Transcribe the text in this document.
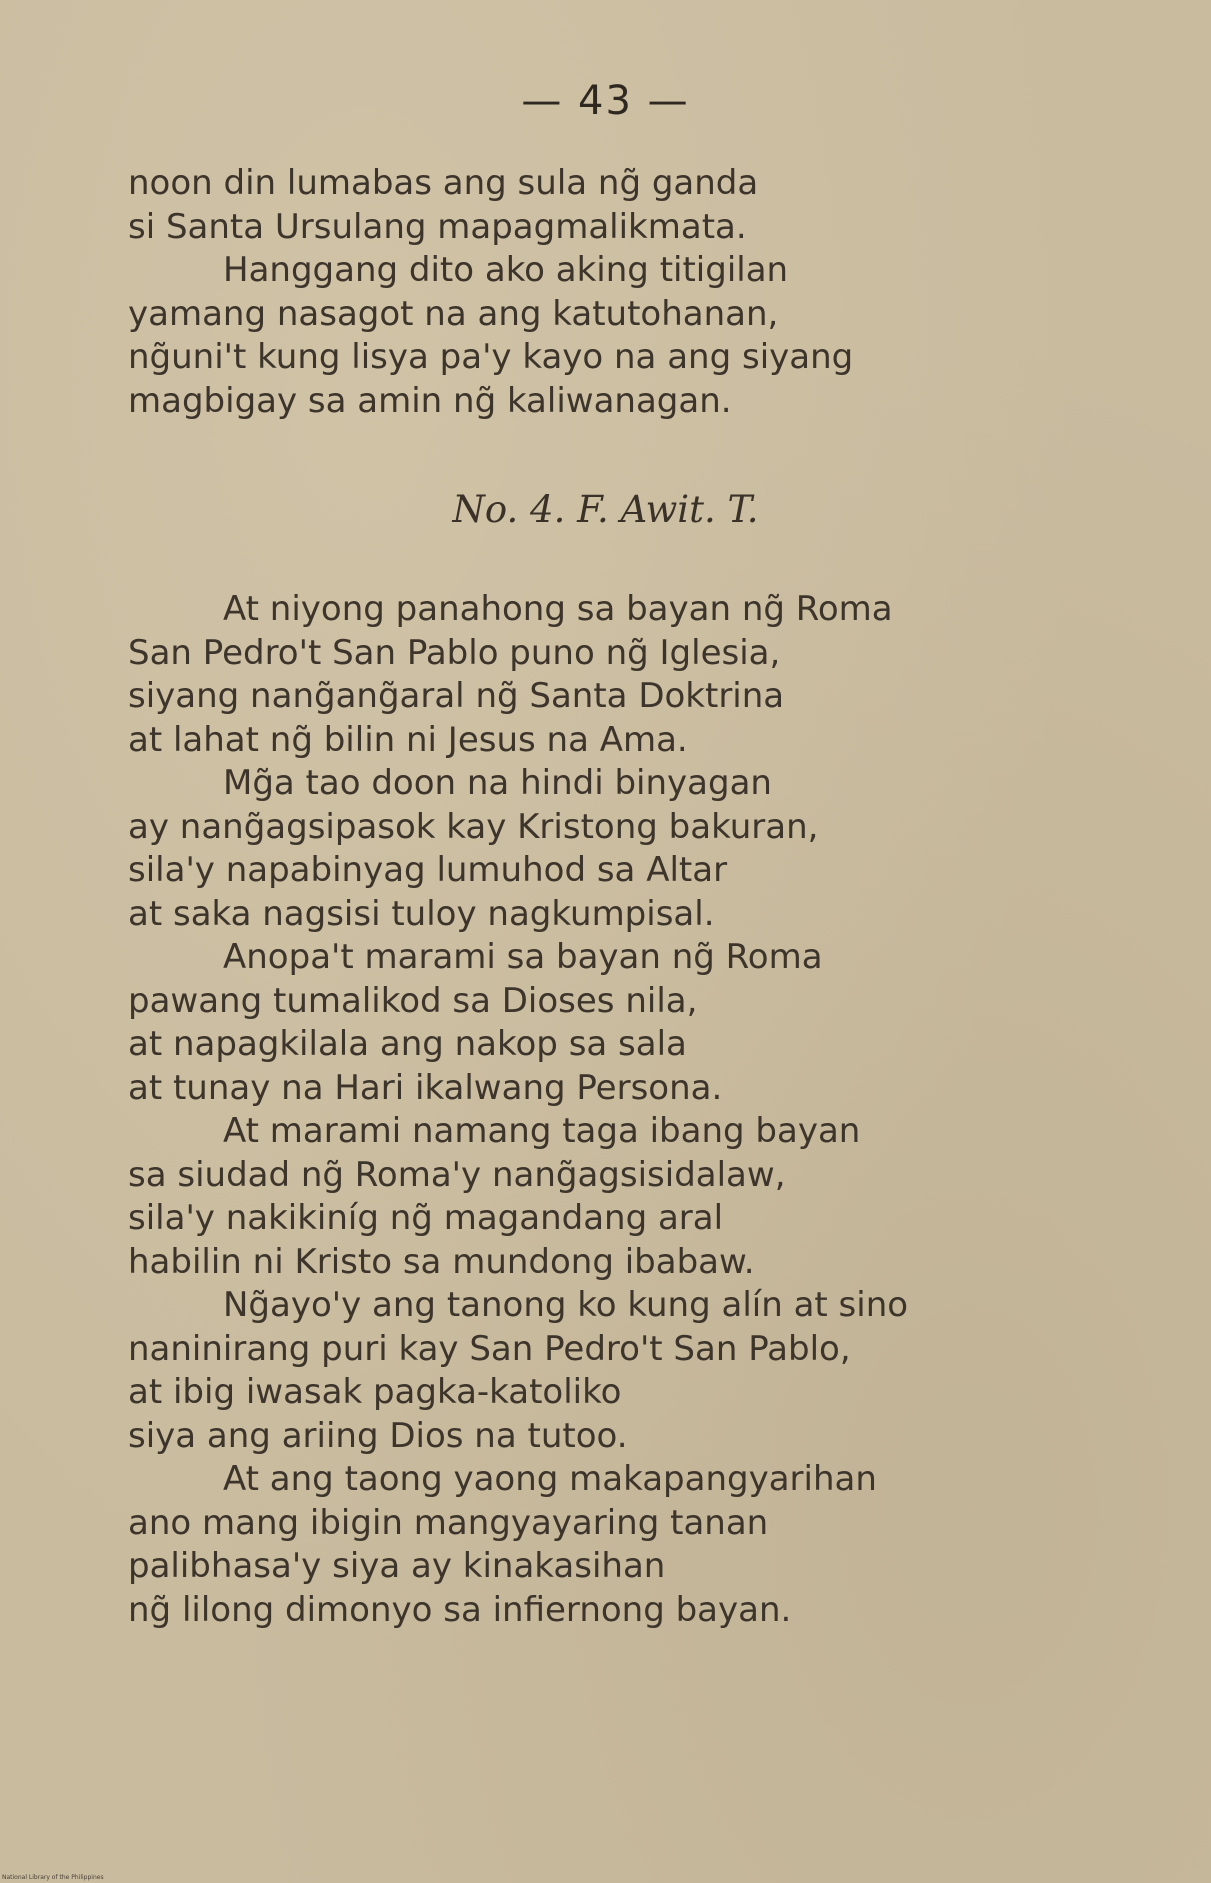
— 43 —
noon din lumabas ang sula ng̃ ganda
si Santa Ursulang mapagmalikmata.
Hanggang dito ako aking titigilan
yamang nasagot na ang katutohanan,
ng̃uni't kung lisya pa'y kayo na ang siyang
magbigay sa amin ng̃ kaliwanagan.
No. 4. F. Awit. T.
At niyong panahong sa bayan ng̃ Roma
San Pedro't San Pablo puno ng̃ Iglesia,
siyang nang̃ang̃aral ng̃ Santa Doktrina
at lahat ng̃ bilin ni Jesus na Ama.
Mg̃a tao doon na hindi binyagan
ay nang̃agsipasok kay Kristong bakuran,
sila'y napabinyag lumuhod sa Altar
at saka nagsisi tuloy nagkumpisal.
Anopa't marami sa bayan ng̃ Roma
pawang tumalikod sa Dioses nila,
at napagkilala ang nakop sa sala
at tunay na Hari ikalwang Persona.
At marami namang taga ibang bayan
sa siudad ng̃ Roma'y nang̃agsisidalaw,
sila'y nakikiníg ng̃ magandang aral
habilin ni Kristo sa mundong ibabaw.
Ng̃ayo'y ang tanong ko kung alín at sino
naninirang puri kay San Pedro't San Pablo,
at ibig iwasak pagka-katoliko
siya ang ariing Dios na tutoo.
At ang taong yaong makapangyarihan
ano mang ibigin mangyayaring tanan
palibhasa'y siya ay kinakasihan
ng̃ lilong dimonyo sa infiernong bayan.
National Library of the Philippines
